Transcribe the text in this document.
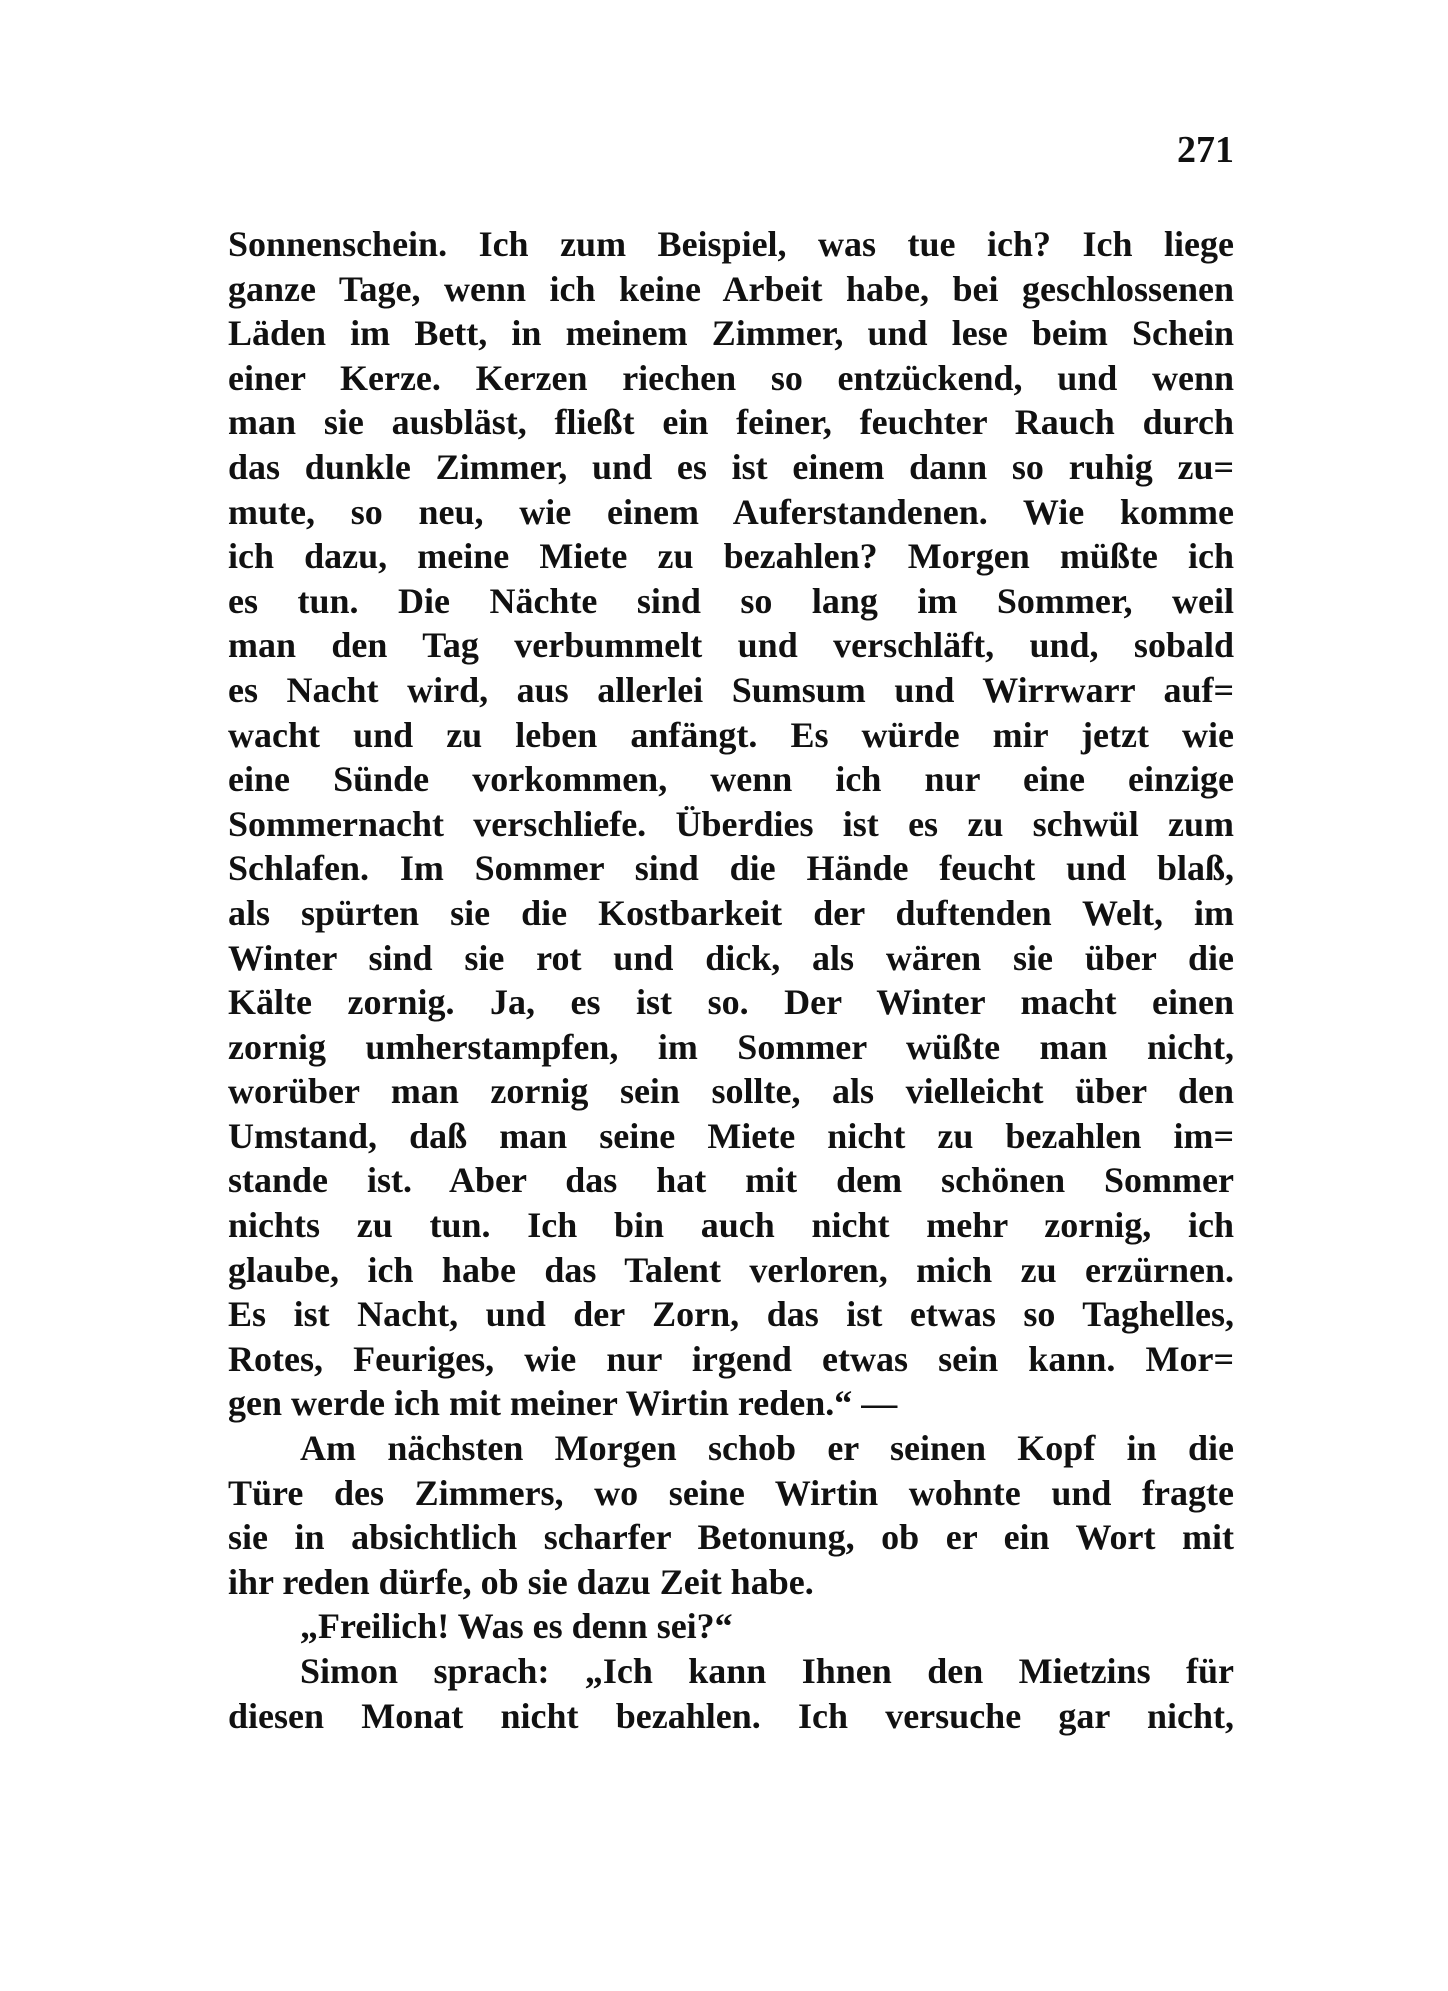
271
Sonnenschein. Ich zum Beispiel, was tue ich? Ich liege
ganze Tage, wenn ich keine Arbeit habe, bei geschlossenen
Läden im Bett, in meinem Zimmer, und lese beim Schein
einer Kerze. Kerzen riechen so entzückend, und wenn
man sie ausbläst, fließt ein feiner, feuchter Rauch durch
das dunkle Zimmer, und es ist einem dann so ruhig zu=
mute, so neu, wie einem Auferstandenen. Wie komme
ich dazu, meine Miete zu bezahlen? Morgen müßte ich
es tun. Die Nächte sind so lang im Sommer, weil
man den Tag verbummelt und verschläft, und, sobald
es Nacht wird, aus allerlei Sumsum und Wirrwarr auf=
wacht und zu leben anfängt. Es würde mir jetzt wie
eine Sünde vorkommen, wenn ich nur eine einzige
Sommernacht verschliefe. Überdies ist es zu schwül zum
Schlafen. Im Sommer sind die Hände feucht und blaß,
als spürten sie die Kostbarkeit der duftenden Welt, im
Winter sind sie rot und dick, als wären sie über die
Kälte zornig. Ja, es ist so. Der Winter macht einen
zornig umherstampfen, im Sommer wüßte man nicht,
worüber man zornig sein sollte, als vielleicht über den
Umstand, daß man seine Miete nicht zu bezahlen im=
stande ist. Aber das hat mit dem schönen Sommer
nichts zu tun. Ich bin auch nicht mehr zornig, ich
glaube, ich habe das Talent verloren, mich zu erzürnen.
Es ist Nacht, und der Zorn, das ist etwas so Taghelles,
Rotes, Feuriges, wie nur irgend etwas sein kann. Mor=
gen werde ich mit meiner Wirtin reden.“ —
Am nächsten Morgen schob er seinen Kopf in die
Türe des Zimmers, wo seine Wirtin wohnte und fragte
sie in absichtlich scharfer Betonung, ob er ein Wort mit
ihr reden dürfe, ob sie dazu Zeit habe.
„Freilich! Was es denn sei?“
Simon sprach: „Ich kann Ihnen den Mietzins für
diesen Monat nicht bezahlen. Ich versuche gar nicht,
